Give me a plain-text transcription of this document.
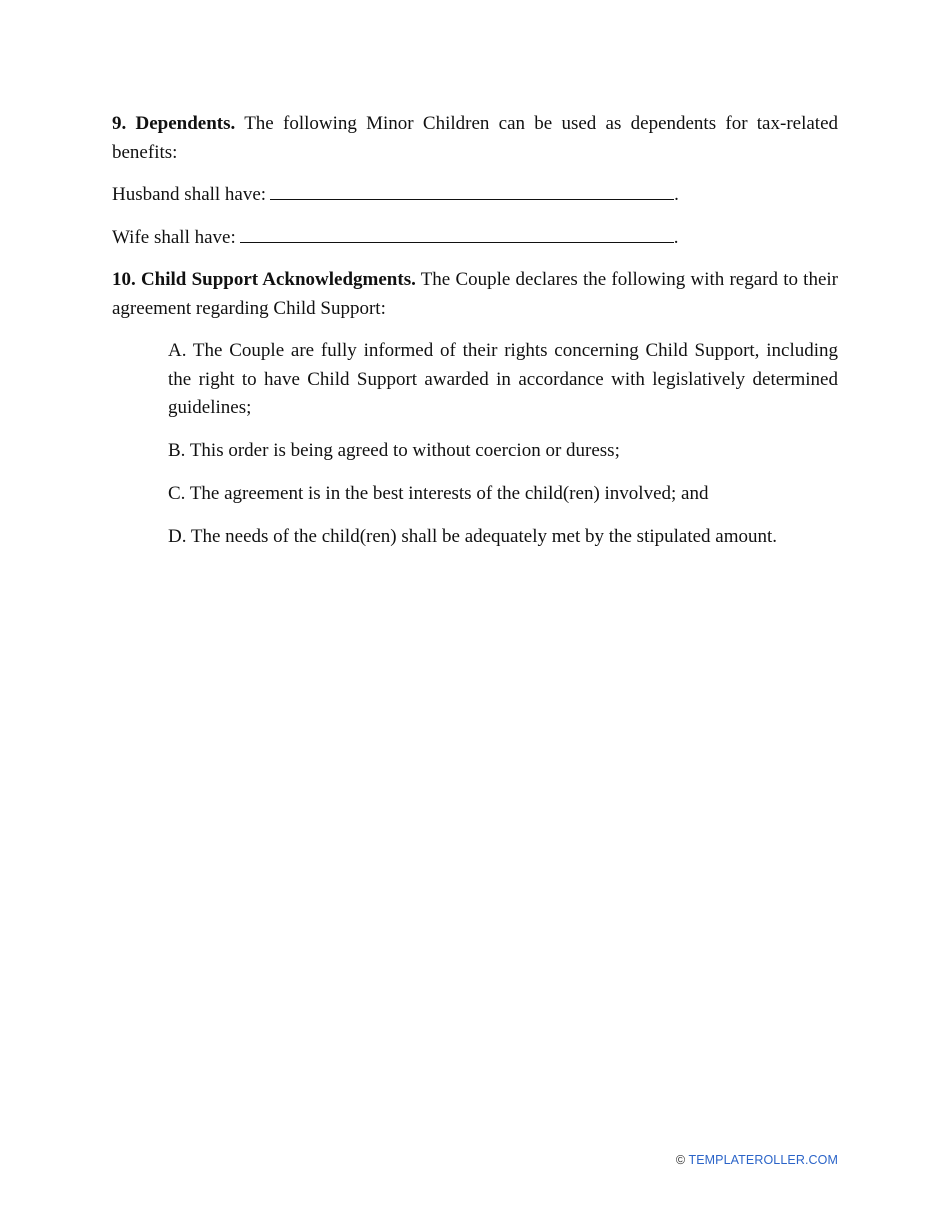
9. Dependents. The following Minor Children can be used as dependents for tax-related benefits:

Husband shall have:	.

Wife shall have:	.

10. Child Support Acknowledgments. The Couple declares the following with regard to their agreement regarding Child Support:

A. The Couple are fully informed of their rights concerning Child Support, including the right to have Child Support awarded in accordance with legislatively determined guidelines;

B. This order is being agreed to without coercion or duress;

C. The agreement is in the best interests of the child(ren) involved; and

D. The needs of the child(ren) shall be adequately met by the stipulated amount.

© TEMPLATEROLLER.COM
